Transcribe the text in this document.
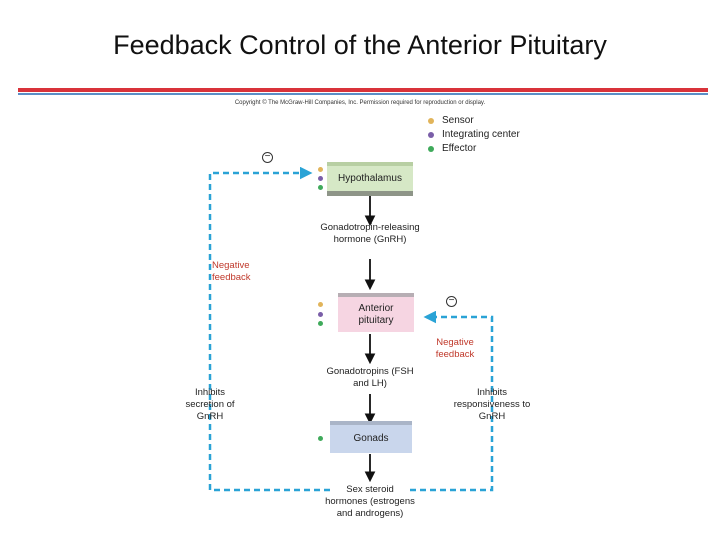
Feedback Control of the Anterior Pituitary
Copyright © The McGraw-Hill Companies, Inc. Permission required for reproduction or display.
Sensor
Integrating center
Effector
Hypothalamus
Gonadotropin-releasing hormone (GnRH)
Negative feedback
−
Anterior pituitary
−
Negative feedback
Gonadotropins (FSH and LH)
Inhibits secretion of GnRH
Inhibits responsiveness to GnRH
Gonads
Sex steroid hormones (estrogens and androgens)
